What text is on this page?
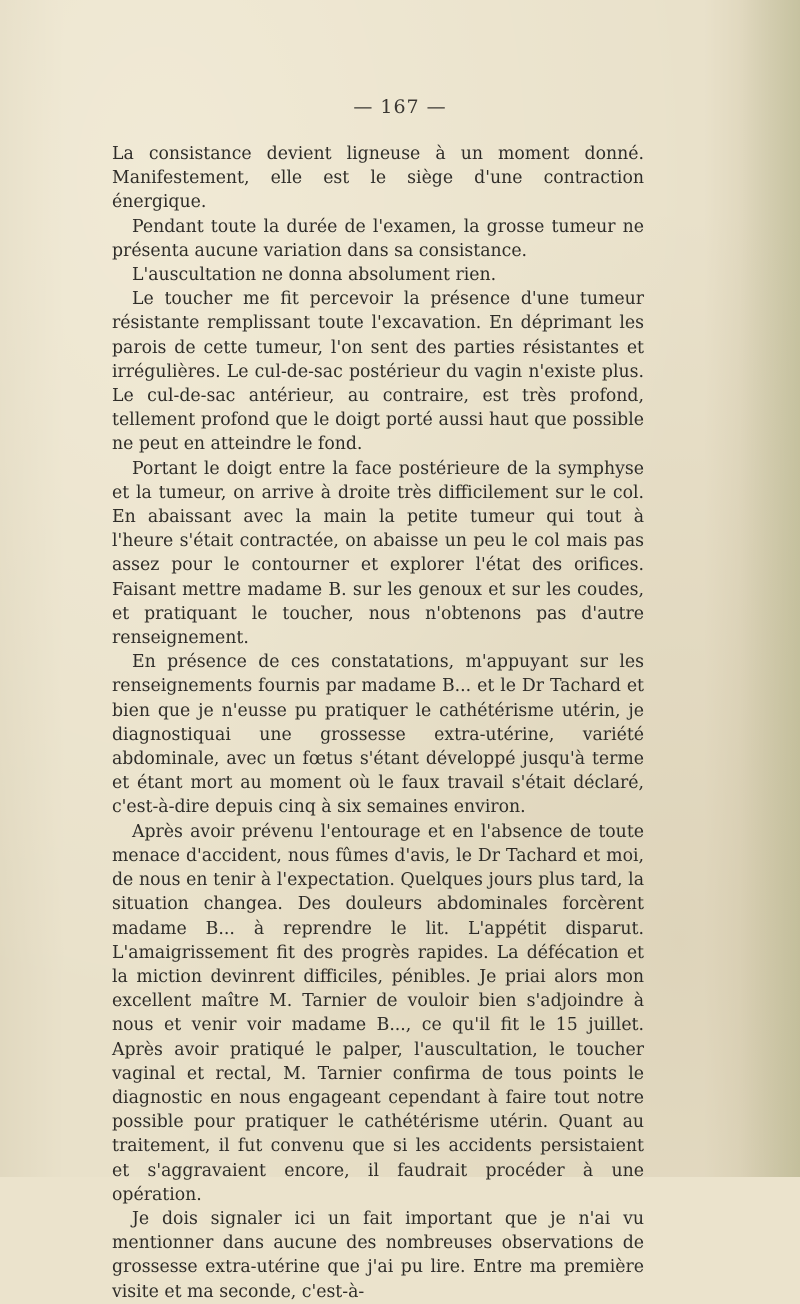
— 167 —

La consistance devient ligneuse à un moment donné. Manifestement, elle est le siège d'une contraction énergique.

Pendant toute la durée de l'examen, la grosse tumeur ne présenta aucune variation dans sa consistance.

L'auscultation ne donna absolument rien.

Le toucher me fit percevoir la présence d'une tumeur résistante remplissant toute l'excavation. En déprimant les parois de cette tumeur, l'on sent des parties résistantes et irrégulières. Le cul-de-sac postérieur du vagin n'existe plus. Le cul-de-sac antérieur, au contraire, est très profond, tellement profond que le doigt porté aussi haut que possible ne peut en atteindre le fond.

Portant le doigt entre la face postérieure de la symphyse et la tumeur, on arrive à droite très difficilement sur le col. En abaissant avec la main la petite tumeur qui tout à l'heure s'était contractée, on abaisse un peu le col mais pas assez pour le contourner et explorer l'état des orifices. Faisant mettre madame B. sur les genoux et sur les coudes, et pratiquant le toucher, nous n'obtenons pas d'autre renseignement.

En présence de ces constatations, m'appuyant sur les renseignements fournis par madame B... et le Dr Tachard et bien que je n'eusse pu pratiquer le cathétérisme utérin, je diagnostiquai une grossesse extra-utérine, variété abdominale, avec un fœtus s'étant développé jusqu'à terme et étant mort au moment où le faux travail s'était déclaré, c'est-à-dire depuis cinq à six semaines environ.

Après avoir prévenu l'entourage et en l'absence de toute menace d'accident, nous fûmes d'avis, le Dr Tachard et moi, de nous en tenir à l'expectation. Quelques jours plus tard, la situation changea. Des douleurs abdominales forcèrent madame B... à reprendre le lit. L'appétit disparut. L'amaigrissement fit des progrès rapides. La défécation et la miction devinrent difficiles, pénibles. Je priai alors mon excellent maître M. Tarnier de vouloir bien s'adjoindre à nous et venir voir madame B..., ce qu'il fit le 15 juillet. Après avoir pratiqué le palper, l'auscultation, le toucher vaginal et rectal, M. Tarnier confirma de tous points le diagnostic en nous engageant cependant à faire tout notre possible pour pratiquer le cathétérisme utérin. Quant au traitement, il fut convenu que si les accidents persistaient et s'aggravaient encore, il faudrait procéder à une opération.

Je dois signaler ici un fait important que je n'ai vu mentionner dans aucune des nombreuses observations de grossesse extra-utérine que j'ai pu lire. Entre ma première visite et ma seconde, c'est-à-
